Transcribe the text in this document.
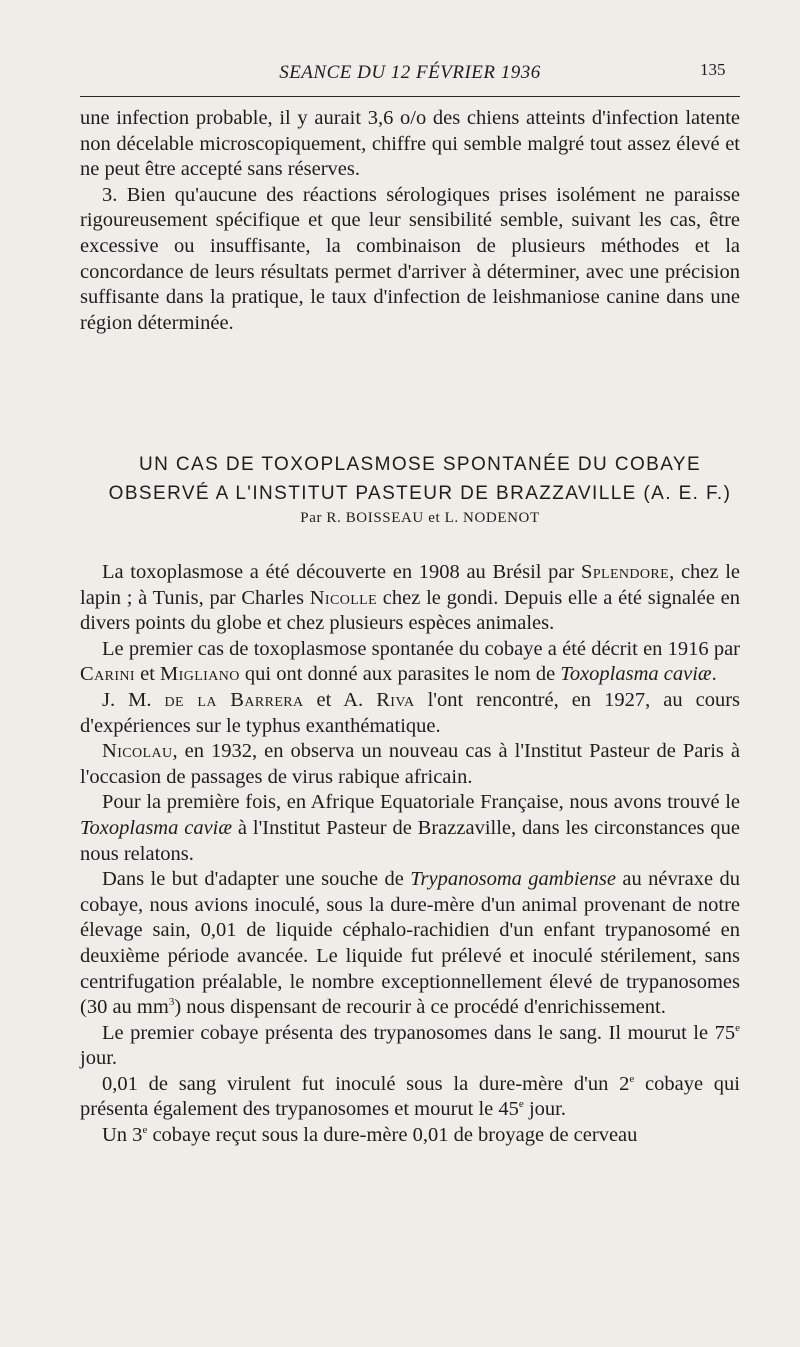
SEANCE DU 12 FÉVRIER 1936	135

une infection probable, il y aurait 3,6 o/o des chiens atteints d'infection latente non décelable microscopiquement, chiffre qui semble malgré tout assez élevé et ne peut être accepté sans réserves.

3. Bien qu'aucune des réactions sérologiques prises isolément ne paraisse rigoureusement spécifique et que leur sensibilité semble, suivant les cas, être excessive ou insuffisante, la combinaison de plusieurs méthodes et la concordance de leurs résultats permet d'arriver à déterminer, avec une précision suffisante dans la pratique, le taux d'infection de leishmaniose canine dans une région déterminée.

UN CAS DE TOXOPLASMOSE SPONTANÉE DU COBAYE
OBSERVÉ A L'INSTITUT PASTEUR DE BRAZZAVILLE (A. E. F.)
Par R. BOISSEAU et L. NODENOT

La toxoplasmose a été découverte en 1908 au Brésil par Splendore, chez le lapin ; à Tunis, par Charles Nicolle chez le gondi. Depuis elle a été signalée en divers points du globe et chez plusieurs espèces animales.

Le premier cas de toxoplasmose spontanée du cobaye a été décrit en 1916 par Carini et Migliano qui ont donné aux parasites le nom de Toxoplasma caviæ.

J. M. de la Barrera et A. Riva l'ont rencontré, en 1927, au cours d'expériences sur le typhus exanthématique.

Nicolau, en 1932, en observa un nouveau cas à l'Institut Pasteur de Paris à l'occasion de passages de virus rabique africain.

Pour la première fois, en Afrique Equatoriale Française, nous avons trouvé le Toxoplasma caviæ à l'Institut Pasteur de Brazzaville, dans les circonstances que nous relatons.

Dans le but d'adapter une souche de Trypanosoma gambiense au névraxe du cobaye, nous avions inoculé, sous la dure-mère d'un animal provenant de notre élevage sain, 0,01 de liquide céphalo-rachidien d'un enfant trypanosomé en deuxième période avancée. Le liquide fut prélevé et inoculé stérilement, sans centrifugation préalable, le nombre exceptionnellement élevé de trypanosomes (30 au $mm^3$) nous dispensant de recourir à ce procédé d'enrichissement.

Le premier cobaye présenta des trypanosomes dans le sang. Il mourut le 75e jour.

0,01 de sang virulent fut inoculé sous la dure-mère d'un 2e cobaye qui présenta également des trypanosomes et mourut le 45e jour.

Un 3e cobaye reçut sous la dure-mère 0,01 de broyage de cerveau
